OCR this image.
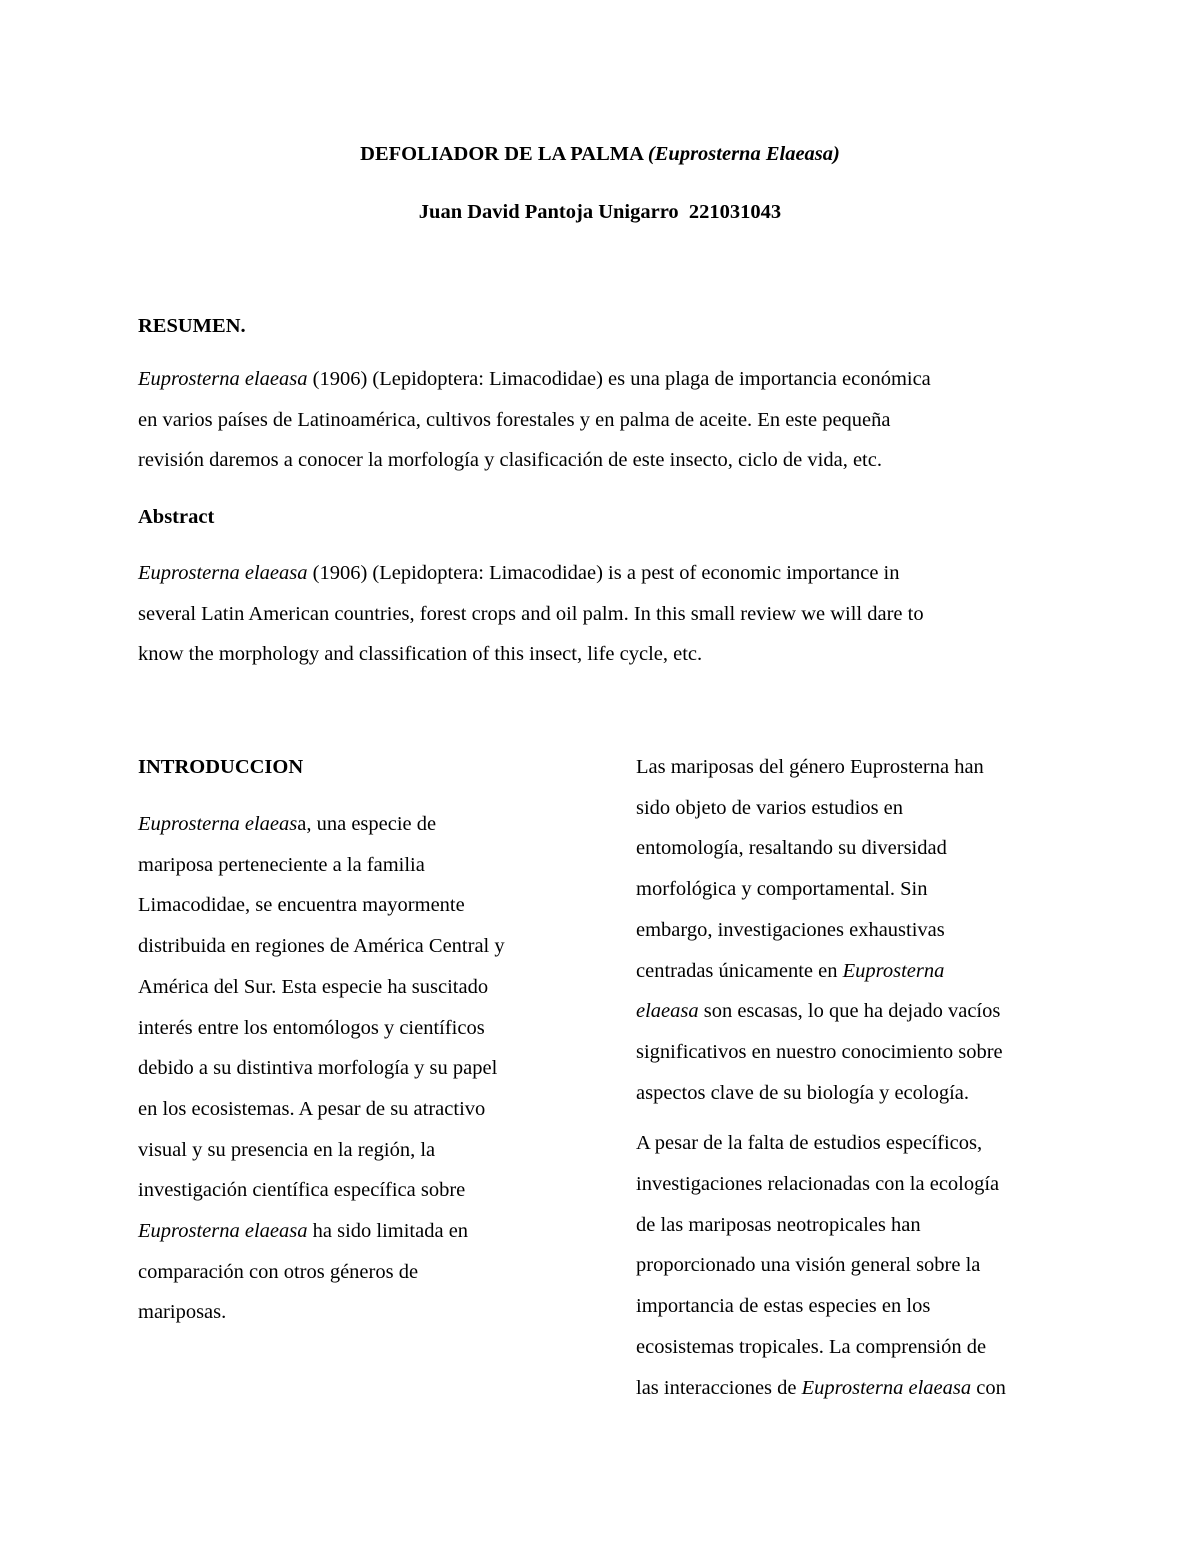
DEFOLIADOR DE LA PALMA (Euprosterna Elaeasa)
Juan David Pantoja Unigarro  221031043
RESUMEN.
Euprosterna elaeasa (1906) (Lepidoptera: Limacodidae) es una plaga de importancia económica
en varios países de Latinoamérica, cultivos forestales y en palma de aceite. En este pequeña
revisión daremos a conocer la morfología y clasificación de este insecto, ciclo de vida, etc.
Abstract
Euprosterna elaeasa (1906) (Lepidoptera: Limacodidae) is a pest of economic importance in
several Latin American countries, forest crops and oil palm. In this small review we will dare to
know the morphology and classification of this insect, life cycle, etc.
INTRODUCCION
Euprosterna elaeasa, una especie de
mariposa perteneciente a la familia
Limacodidae, se encuentra mayormente
distribuida en regiones de América Central y
América del Sur. Esta especie ha suscitado
interés entre los entomólogos y científicos
debido a su distintiva morfología y su papel
en los ecosistemas. A pesar de su atractivo
visual y su presencia en la región, la
investigación científica específica sobre
Euprosterna elaeasa ha sido limitada en
comparación con otros géneros de
mariposas.
Las mariposas del género Euprosterna han
sido objeto de varios estudios en
entomología, resaltando su diversidad
morfológica y comportamental. Sin
embargo, investigaciones exhaustivas
centradas únicamente en Euprosterna
elaeasa son escasas, lo que ha dejado vacíos
significativos en nuestro conocimiento sobre
aspectos clave de su biología y ecología.
A pesar de la falta de estudios específicos,
investigaciones relacionadas con la ecología
de las mariposas neotropicales han
proporcionado una visión general sobre la
importancia de estas especies en los
ecosistemas tropicales. La comprensión de
las interacciones de Euprosterna elaeasa con
